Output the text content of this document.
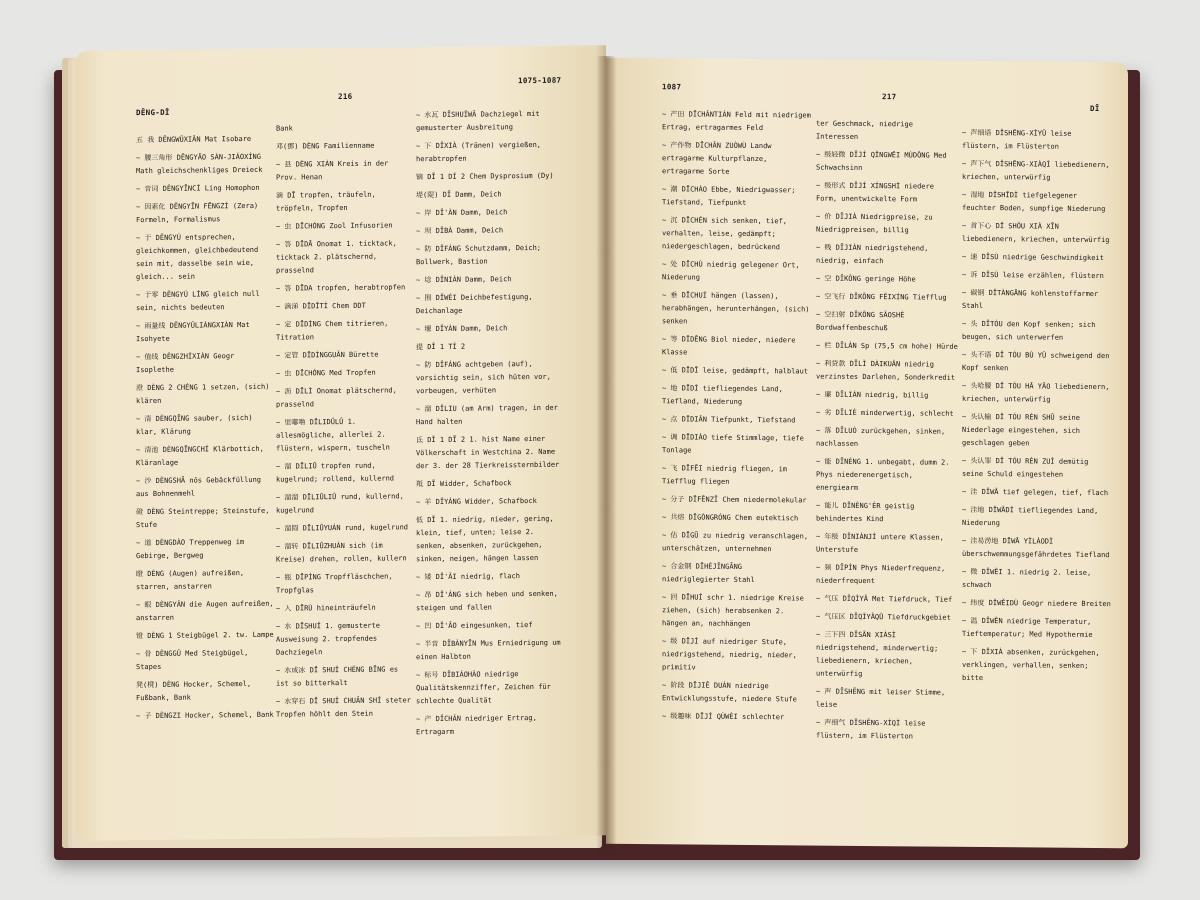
DĒNG-DĪ
216
1075-1087
五 我 DĒNGWǓXIǍN Mat Isobare
~ 腰三角形 DĚNGYĀO SÁN-JIǍOXÍNG Math gleichschenkliges Dreieck
~ 音词 DĚNGYĪNCÍ Ling Homophon
~ 因素化 DĚNGYĪN FĒNGZÍ (Zera) Formeln, Formalismus
~ 于 DĚNGYÚ entsprechen, gleichkommen, gleichbedeutend sein mit, dasselbe sein wie, gleich... sein
~ 于零 DĚNGYÚ LÍNG gleich null sein, nichts bedeuten
~ 雨量线 DĚNGYǓLIÀNGXIÀN Mat Isohyete
~ 值线 DĚNGZHÍXIÀN Geogr Isoplethe
澄 DÈNG 2 CHÉNG 1 setzen, (sich) klären
~ 清 DÈNGQĪNG sauber, (sich) klar, Klärung
~ 清池 DÈNGQĪNGCHÍ Klärbottich, Kläranlage
~ 沙 DÈNGSHĀ nōs Gebäckfüllung aus Bohnenmehl
磴 DÈNG Steintreppe; Steinstufe, Stufe
~ 道 DÈNGDÀO Treppenweg im Gebirge, Bergweg
瞪 DÈNG (Augen) aufreißen, starren, anstarren
~ 眼 DÈNGYǍN die Augen aufreißen, anstarren
镫 DÈNG 1 Steigbügel 2. tw. Lampe
~ 骨 DÈNGGǓ Med Steigbügel, Stapes
凳(櫈) DÈNG Hocker, Schemel, Fußbank, Bank
~ 子 DÈNGZI Hocker, Schemel, Bank
Bank
邓(鄧) DÈNG Familienname
~ 县 DÈNG XIÀN Kreis in der Prov. Henan
滴 DĪ tropfen, träufeln, tröpfeln, Tropfen
~ 虫 DĪCHÓNG Zool Infusorien
~ 答 DĪDĀ Onomat 1. ticktack, ticktack 2. plätschernd, prasselnd
~ 答 DĪDA tropfen, herabtropfen
~ 滴涕 DĪDĪTÌ Chem DDT
~ 定 DĪDÌNG Chem titrieren, Titration
~ 定管 DĪDÌNGGUǍN Bürette
~ 虫 DĪCHÓNG Med Tropfen
~ 沥 DĪLÌ Onomat plätschernd, prasselnd
~ 里嘟噜 DĪLIDŪLŪ 1. allesmögliche, allerlei 2. flüstern, wispern, tuscheln
~ 溜 DĪLIŪ tropfen rund, kugelrund; rollend, kullernd
~ 溜溜 DĪLIŪLIŪ rund, kullernd, kugelrund
~ 溜圆 DĪLIŪYUÁN rund, kugelrund
~ 溜转 DĪLIŪZHUÀN sich (im Kreise) drehen, rollen, kullern
~ 瓶 DĪPÍNG Tropffläschchen, Tropfglas
~ 入 DĪRÙ hineinträufeln
~ 水 DĪSHUǏ 1. gemusterte Ausweisung 2. tropfendes Dachziegeln
~ 水成冰 DĪ SHUǏ CHÉNG BĪNG es ist so bitterkalt
~ 水穿石 DĪ SHUǏ CHUĀN SHÍ steter Tropfen höhlt den Stein
~ 水瓦 DĪSHUǏWǍ Dachziegel mit gemusterter Ausbreitung
~ 下 DĪXIÀ (Tränen) vergießen, herabtropfen
镝 DĪ 1 DÍ 2 Chem Dysprosium (Dy)
堤(隄) DĪ Damm, Deich
~ 岸 DĪ'ÀN Damm, Deich
~ 坝 DĪBÀ Damm, Deich
~ 防 DĪFÁNG Schutzdamm, Deich; Bollwerk, Bastion
~ 埝 DĪNIÀN Damm, Deich
~ 围 DĪWÉI Deichbefestigung, Deichanlage
~ 堰 DĪYÀN Damm, Deich
提 DĪ 1 TÍ 2
~ 防 DĪFÁNG achtgeben (auf), vorsichtig sein, sich hüten vor, vorbeugen, verhüten
~ 溜 DĪLIU (am Arm) tragen, in der Hand halten
氐 DǏ 1 DĪ 2 1. hist Name einer Völkerschaft in Westchina 2. Name der 3. der 28 Tierkreissternbilder
羝 DĪ Widder, Schafbock
~ 羊 DĪYÁNG Widder, Schafbock
低 DĪ 1. niedrig, nieder, gering, klein, tief, unten; leise 2. senken, absenken, zurückgehen, sinken, neigen, hängen lassen
~ 矮 DĪ'ǍI niedrig, flach
~ 昂 DĪ'ÁNG sich heben und senken, steigen und fallen
~ 凹 DĪ'ĀO eingesunken, tief
~ 半音 DĪBÀNYĪN Mus Erniedrigung um einen Halbton
~ 标号 DĪBIÁOHÀO niedrige Qualitätskennziffer, Zeichen für schlechte Qualität
~ 产 DĪCHǍN niedriger Ertrag, Ertragarm
1087
217
DĪ
~ 产田 DĪCHǍNTIÁN Feld mit niedrigem Ertrag, ertragarmes Feld
~ 产作物 DĪCHǍN ZUÒWÙ Landw ertragarme Kulturpflanze, ertragarme Sorte
~ 潮 DĪCHÁO Ebbe, Niedrigwasser; Tiefstand, Tiefpunkt
~ 沉 DĪCHÉN sich senken, tief, verhalten, leise, gedämpft; niedergeschlagen, bedrückend
~ 处 DĪCHÙ niedrig gelegener Ort, Niederung
~ 垂 DĪCHUÍ hängen (lassen), herabhängen, herunterhängen, (sich) senken
~ 等 DĪDĚNG Biol nieder, niedere Klasse
~ 低 DĪDĪ leise, gedämpft, halblaut
~ 地 DĪDÌ tiefliegendes Land, Tiefland, Niederung
~ 点 DĪDIǍN Tiefpunkt, Tiefstand
~ 调 DĪDIÀO tiefe Stimmlage, tiefe Tonlage
~ 飞 DĪFĒI niedrig fliegen, im Tiefflug fliegen
~ 分子 DĪFĒNZǏ Chem niedermolekular
~ 共熔 DĪGÒNGRÓNG Chem eutektisch
~ 估 DĪGŪ zu niedrig veranschlagen, unterschätzen, unternehmen
~ 合金钢 DĪHÉJĪNGĀNG niedriglegierter Stahl
~ 回 DĪHUÍ schr 1. niedrige Kreise ziehen, (sich) herabsenken 2. hängen an, nachhängen
~ 级 DĪJÍ auf niedriger Stufe, niedrigstehend, niedrig, nieder, primitiv
~ 阶段 DĪJIĒ DUÀN niedrige Entwicklungsstufe, niedere Stufe
~ 级趣味 DĪJÍ QÙWÈI schlechter
ter Geschmack, niedrige Interessen
~ 级轻微 DĪJÍ QĪNGWĒI MÙDǑNG Med Schwachsinn
~ 级形式 DĪJÍ XÍNGSHÌ niedere Form, unentwickelte Form
~ 价 DĪJIÀ Niedrigpreise, zu Niedrigpreisen, billig
~ 贱 DĪJIÀN niedrigstehend, niedrig, einfach
~ 空 DĪKŌNG geringe Höhe
~ 空飞行 DĪKŌNG FĒIXÍNG Tiefflug
~ 空扫射 DĪKŌNG SǍOSHÈ Bordwaffenbeschuß
~ 栏 DĪLÁN Sp (75,5 cm hohe) Hürde
~ 利贷款 DĪLÌ DÀIKUǍN niedrig verzinstes Darlehen, Sonderkredit
~ 廉 DĪLIÁN niedrig, billig
~ 劣 DĪLIÈ minderwertig, schlecht
~ 落 DĪLUÒ zurückgehen, sinken, nachlassen
~ 能 DĪNÉNG 1. unbegabt, dumm 2. Phys niederenergetisch, energiearm
~ 能儿 DĪNÉNG'ÉR geistig behindertes Kind
~ 年级 DĪNIÁNJÍ untere Klassen, Unterstufe
~ 频 DĪPÍN Phys Niederfrequenz, niederfrequent
~ 气压 DĪQÌYĀ Met Tiefdruck, Tief
~ 气压区 DĪQÌYĀQŪ Tiefdruckgebiet
~ 三下四 DĪSĀN XIÀSÌ niedrigstehend, minderwertig; liebedienern, kriechen, unterwürfig
~ 声 DĪSHĒNG mit leiser Stimme, leise
~ 声细气 DĪSHĒNG-XÌQÌ leise flüstern, im Flüsterton
~ 声细语 DĪSHĒNG-XÌYǓ leise flüstern, im Flüsterton
~ 声下气 DĪSHĒNG-XIÀQÌ liebedienern, kriechen, unterwürfig
~ 湿地 DĪSHĪDÌ tiefgelegener feuchter Boden, sumpfige Niederung
~ 首下心 DĪ SHǑU XIÀ XĪN liebedienern, kriechen, unterwürfig
~ 速 DĪSÙ niedrige Geschwindigkeit
~ 诉 DĪSÙ leise erzählen, flüstern
~ 碳钢 DĪTÀNGĀNG kohlenstoffarmer Stahl
~ 头 DĪTÓU den Kopf senken; sich beugen, sich unterwerfen
~ 头不语 DĪ TÓU BÙ YǓ schweigend den Kopf senken
~ 头哈腰 DĪ TÓU HĀ YĀO liebedienern, kriechen, unterwürfig
~ 头认输 DĪ TÓU RÈN SHŪ seine Niederlage eingestehen, sich geschlagen geben
~ 头认罪 DĪ TÓU RÈN ZUÌ demütig seine Schuld eingestehen
~ 洼 DĪWĀ tief gelegen, tief, flach
~ 洼地 DĪWĀDÌ tiefliegendes Land, Niederung
~ 洼易涝地 DĪWĀ YÌLÀODÌ überschwemmungsgefährdetes Tiefland
~ 微 DĪWĒI 1. niedrig 2. leise, schwach
~ 纬度 DĪWĚIDÙ Geogr niedere Breiten
~ 温 DĪWĒN niedrige Temperatur, Tieftemperatur; Med Hypothermie
~ 下 DĪXIÀ absenken, zurückgehen, verklingen, verhallen, senken; bitte
